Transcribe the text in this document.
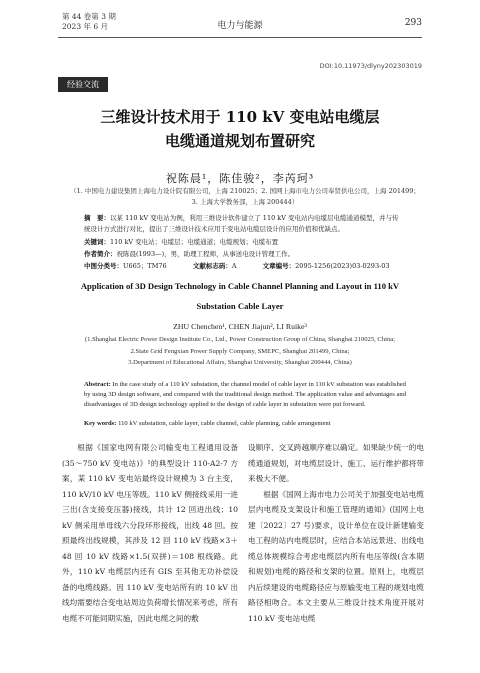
第 44 卷第 3 期
2023 年 6 月	电力与能源	293
DOI:10.11973/dlyny202303019
经验交流
三维设计技术用于 110 kV 变电站电缆层
电缆通道规划布置研究
祝陈晨¹，陈佳骏²，李芮珂³
（1. 中国电力建设集团上海电力设计院有限公司，上海 210025；2. 国网上海市电力公司奉贤供电公司，上海 201499；
3. 上海大学教务部，上海 200444）
摘　要：以某 110 kV 变电站为例，利用三维设计软件建立了 110 kV 变电站内电缆层电缆通道模型，并与传统设计方式进行对比，提出了三维设计技术应用于变电站电缆层设计的应用价值和优缺点。
关键词：110 kV 变电站；电缆层；电缆通道；电缆规划；电缆布置
作者简介：祝陈晨(1993—)，男，助理工程师，从事送电设计管理工作。
中图分类号：U665；TM76	文献标志码：A	文章编号：2095-1256(2023)03-0293-03
Application of 3D Design Technology in Cable Channel Planning and Layout in 110 kV
Substation Cable Layer
ZHU Chenchen¹, CHEN Jiajun², LI Ruike³
(1.Shanghai Electric Power Design Institute Co., Ltd., Power Construction Group of China, Shanghai 210025, China;
2.State Grid Fengxian Power Supply Company, SMEPC, Shanghai 201499, China;
3.Department of Educational Affairs, Shanghai University, Shanghai 200444, China)
Abstract: In the case study of a 110 kV substation, the channel model of cable layer in 110 kV substation was established by using 3D design software, and compared with the traditional design method. The application value and advantages and disadvantages of 3D design technology applied to the design of cable layer in substation were put forward.
Key words: 110 kV substation, cable layer, cable channel, cable planning, cable arrangement

根据《国家电网有限公司输变电工程通用设备(35～750 kV 变电站)》¹的典型设计 110-A2-7 方案，某 110 kV 变电站最终设计规模为 3 台主变，110 kV/10 kV 电压等级。110 kV 侧接线采用一进三出(含支接变压器)接线，共计 12 回进出线；10 kV 侧采用单母线六分段环形接线，出线 48 回。按照最终出线规模，其涉及 12 回 110 kV 线路×3＋48 回 10 kV 线路×1.5(双拼)＝108 根线路。此外，110 kV 电缆层内还有 GIS 至其他无功补偿设备的电缆线路。因 110 kV 变电站所有的 10 kV 出线均需要结合变电站周边负荷增长情况来考虑，所有电缆不可能同期实施，因此电缆之间的敷

设顺序、交叉跨越顺序难以确定。如果缺少统一的电缆通道规划，对电缆层设计、施工、运行维护都将带来极大不便。

根据《国网上海市电力公司关于加强变电站电缆层内电缆及支架设计和施工管理的通知》(国网上电建〔2022〕27 号)要求，设计单位在设计新建输变电工程的站内电缆层时，应结合本站远景进、出线电缆总体规模综合考虑电缆层内所有电压等级(含本期和规划)电缆的路径和支架的位置。原则上，电缆层内后续建设的电缆路径应与原输变电工程的规划电缆路径相吻合。本文主要从三维设计技术角度开展对 110 kV 变电站电缆
